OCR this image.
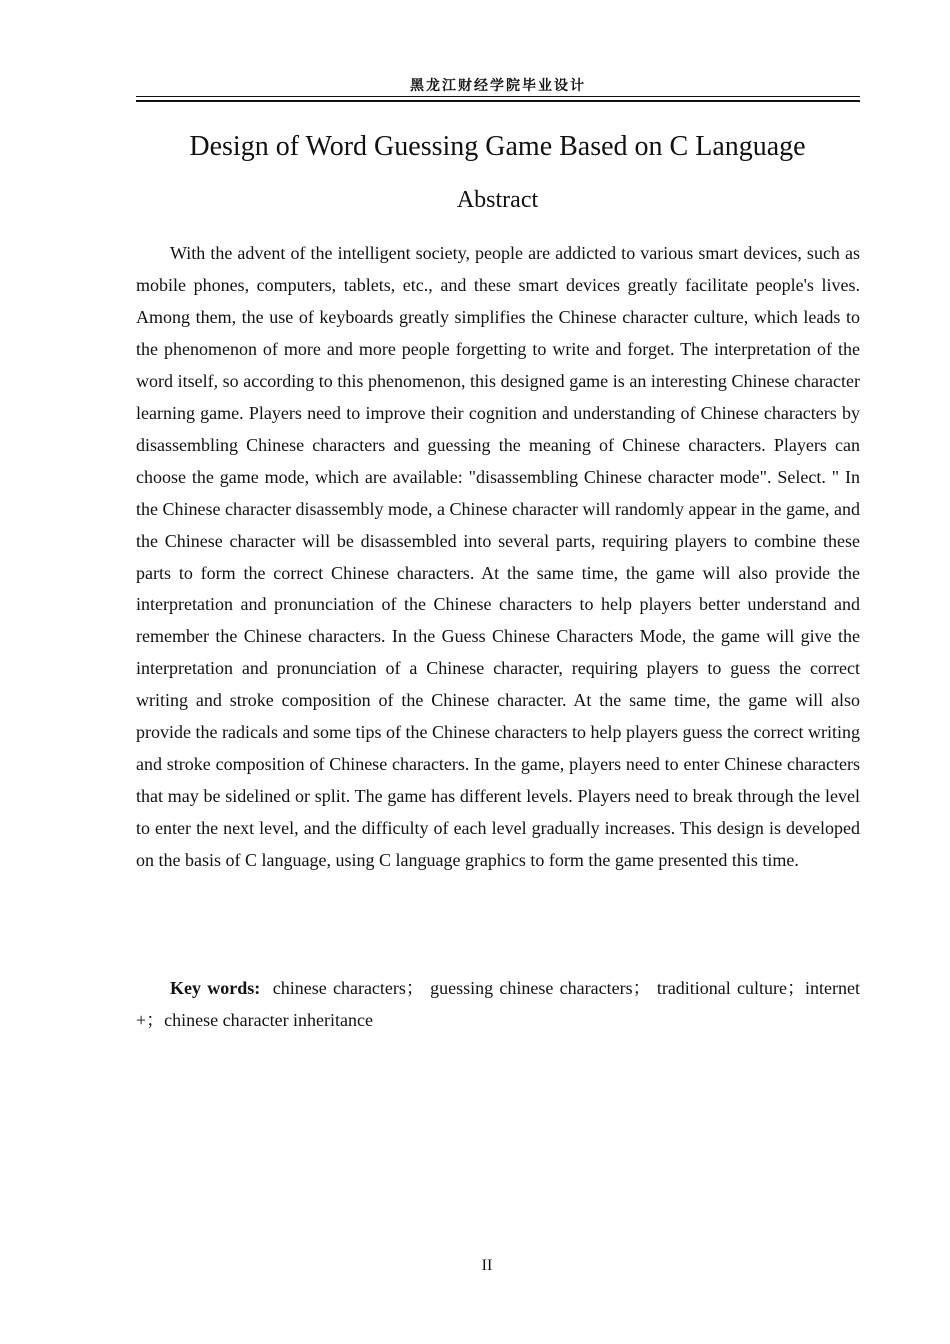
黑龙江财经学院毕业设计
Design of Word Guessing Game Based on C Language
Abstract

With the advent of the intelligent society, people are addicted to various smart devices, such as mobile phones, computers, tablets, etc., and these smart devices greatly facilitate people's lives. Among them, the use of keyboards greatly simplifies the Chinese character culture, which leads to the phenomenon of more and more people forgetting to write and forget. The interpretation of the word itself, so according to this phenomenon, this designed game is an interesting Chinese character learning game. Players need to improve their cognition and understanding of Chinese characters by disassembling Chinese characters and guessing the meaning of Chinese characters. Players can choose the game mode, which are available: "disassembling Chinese character mode". Select. " In the Chinese character disassembly mode, a Chinese character will randomly appear in the game, and the Chinese character will be disassembled into several parts, requiring players to combine these parts to form the correct Chinese characters. At the same time, the game will also provide the interpretation and pronunciation of the Chinese characters to help players better understand and remember the Chinese characters. In the Guess Chinese Characters Mode, the game will give the interpretation and pronunciation of a Chinese character, requiring players to guess the correct writing and stroke composition of the Chinese character. At the same time, the game will also provide the radicals and some tips of the Chinese characters to help players guess the correct writing and stroke composition of Chinese characters. In the game, players need to enter Chinese characters that may be sidelined or split. The game has different levels. Players need to break through the level to enter the next level, and the difficulty of each level gradually increases. This design is developed on the basis of C language, using C language graphics to form the game presented this time.

Key words: chinese characters； guessing chinese characters； traditional culture；internet +；chinese character inheritance

II
